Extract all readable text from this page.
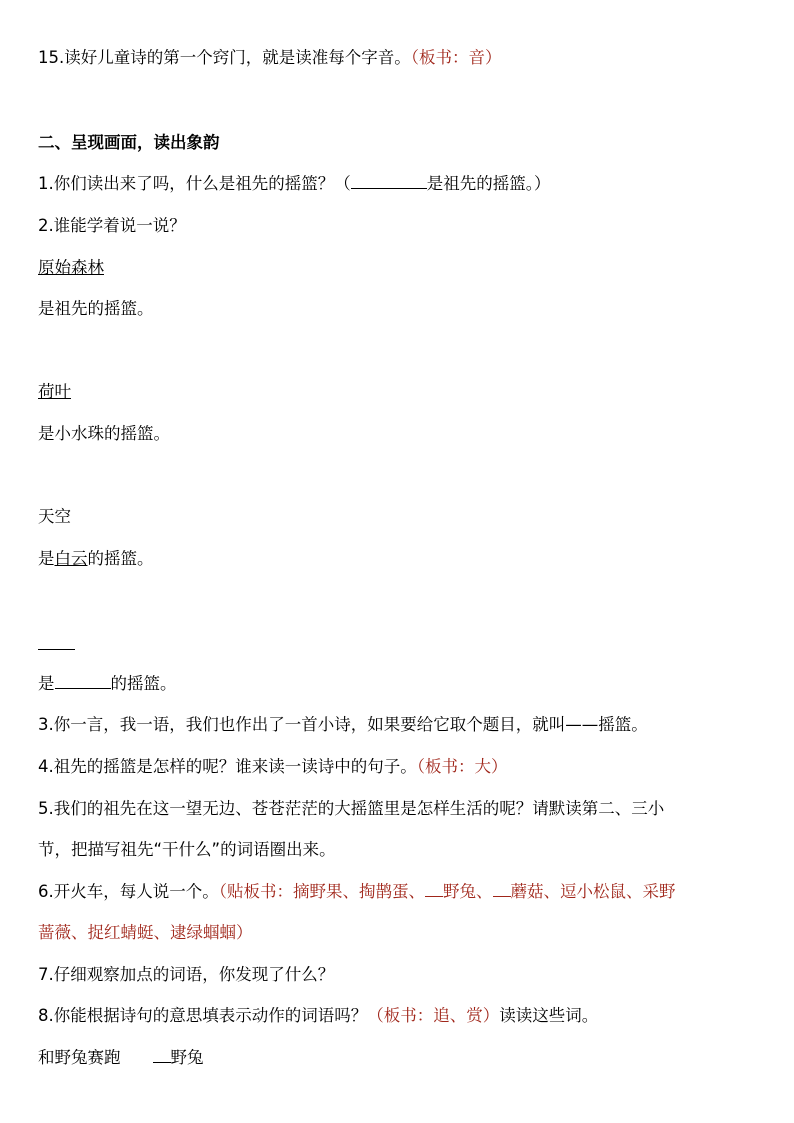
15.读好儿童诗的第一个窍门，就是读准每个字音。（板书：音）
二、呈现画面，读出象韵
1.你们读出来了吗，什么是祖先的摇篮？（	是祖先的摇篮。）
2.谁能学着说一说？
原始森林
是祖先的摇篮。
荷叶
是小水珠的摇篮。
天空
是白云的摇篮。
是	的摇篮。
3.你一言，我一语，我们也作出了一首小诗，如果要给它取个题目，就叫——摇篮。
4.祖先的摇篮是怎样的呢？谁来读一读诗中的句子。（板书：大）
5.我们的祖先在这一望无边、苍苍茫茫的大摇篮里是怎样生活的呢？请默读第二、三小
节，把描写祖先“干什么”的词语圈出来。
6.开火车，每人说一个。（贴板书：摘野果、掏鹊蛋、 野兔、 蘑菇、逗小松鼠、采野
蔷薇、捉红蜻蜓、逮绿蝈蝈）
7.仔细观察加点的词语，你发现了什么？
8.你能根据诗句的意思填表示动作的词语吗？（板书：追、赏）读读这些词。
和野兔赛跑	野兔
